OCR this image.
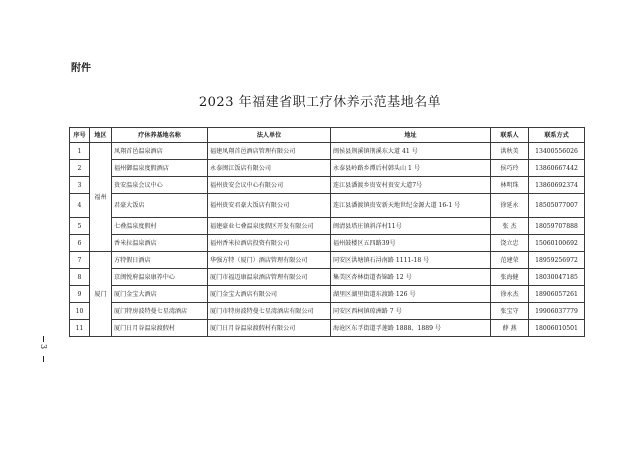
附件
2023 年福建省职工疗休养示范基地名单
3
序号	地区	疗休养基地名称	法人单位	地址	联系人	联系方式
1	福州	凤翔首邑温泉酒店	福建凤翔首邑酒店管理有限公司	闽侯县荆溪镇荆溪东大道 41 号	洪秋美	13400556026
2		福州御温泉度假酒店	永泰闽江饭店有限公司	永泰县岭路乡潭后村韩头山 1 号	侯巧玲	13860667442
3		贵安温泉会议中心	福州贵安会议中心有限公司	连江县潘渡乡贵安村贵安大道7号	林明珠	13860692374
4		君豪大饭店	福州贵安君豪大饭店有限公司	连江县潘渡镇贵安新天地世纪金源大道 16-1 号	徐延永	18505077007
5		七叠温泉度假村	福建豪业七叠温泉度假区开发有限公司	闽清县塔庄镇斜洋村11号	张 杰	18059707888
6		香米拉温泉酒店	福州香米拉酒店投资有限公司	福州鼓楼区五四路39号	饶立忠	15060100692
7	厦门	方特假日酒店	华强方特（厦门）酒店管理有限公司	同安区洪塘镇石浔南路 1111-18 号	范建荣	18959256972
8		京闽悦府温泉康养中心	厦门市福迈康温泉酒店管理有限公司	集美区杏林街道杏锦路 12 号	张海健	18030047185
9		厦门金宝大酒店	厦门金宝大酒店有限公司	湖里区湖里街道东渡路 126 号	徐永杰	18906057261
10		厦门特房波特曼七星湾酒店	厦门市特房波特曼七星湾酒店有限公司	同安区西柯镇琼洲路 7 号	张宝守	19906037779
11		厦门日月谷温泉渡假村	厦门日月谷温泉渡假村有限公司	海沧区东孚街道孚莲路 1888、1889 号	薛 燕	18006010501
